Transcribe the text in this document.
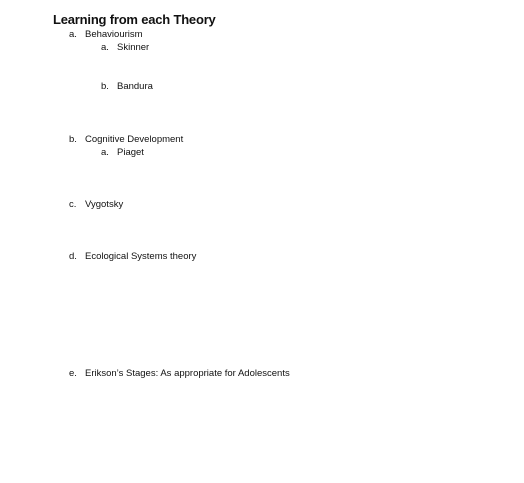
Learning from each Theory
a. Behaviourism
a. Skinner
b. Bandura
b. Cognitive Development
a. Piaget
c. Vygotsky
d. Ecological Systems theory
e. Erikson’s Stages: As appropriate for Adolescents
